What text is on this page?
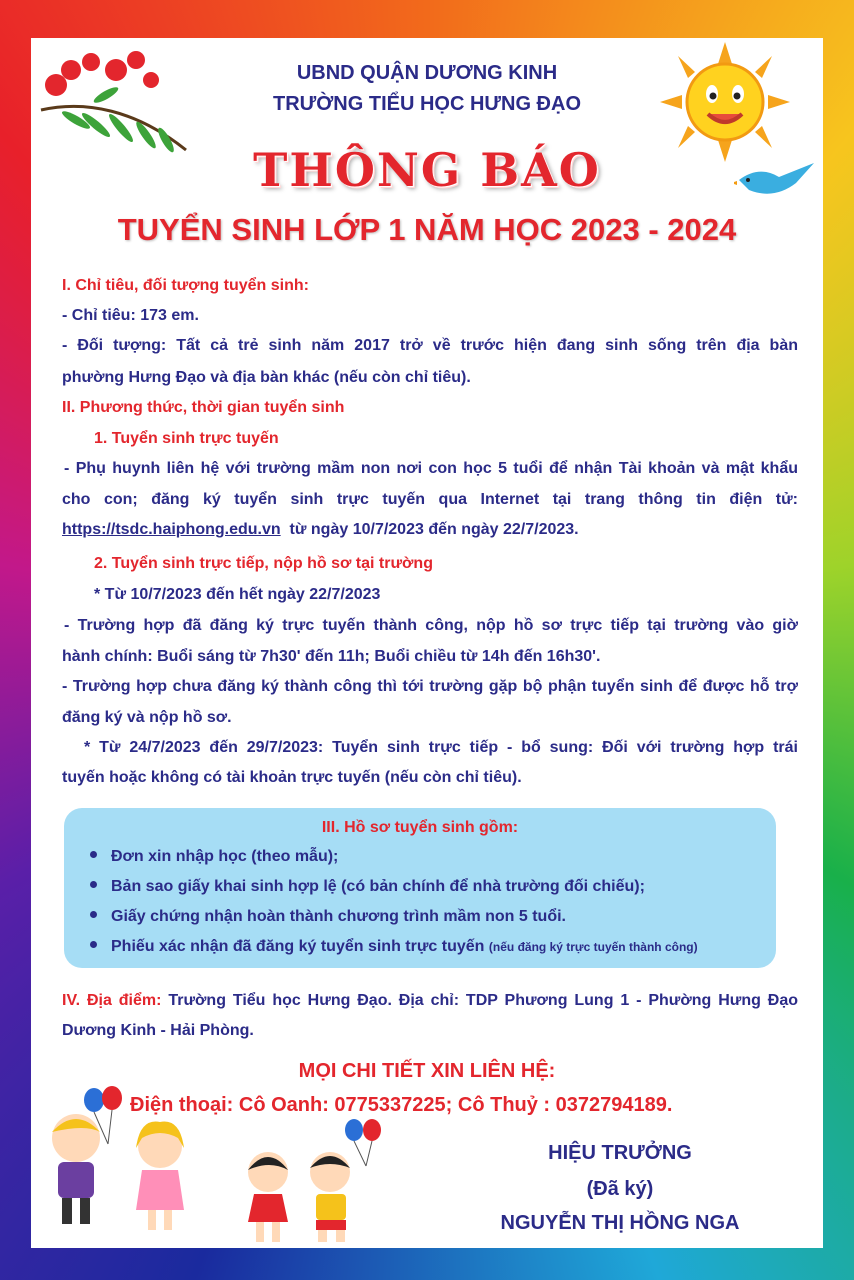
UBND QUẬN DƯƠNG KINH
TRƯỜNG TIỂU HỌC HƯNG ĐẠO
THÔNG BÁO
TUYỂN SINH LỚP 1 NĂM HỌC 2023 - 2024
I. Chỉ tiêu, đối tượng tuyển sinh:
- Chỉ tiêu: 173 em.
- Đối tượng: Tất cả trẻ sinh năm 2017 trở về trước hiện đang sinh sống trên địa bàn
phường Hưng Đạo và địa bàn khác (nếu còn chỉ tiêu).
II. Phương thức, thời gian tuyển sinh
1. Tuyển sinh trực tuyến
- Phụ huynh liên hệ với trường mầm non nơi con học 5 tuổi để nhận Tài khoản và mật khẩu
cho con; đăng ký tuyển sinh trực tuyến qua Internet tại trang thông tin điện tử:
https://tsdc.haiphong.edu.vn từ ngày 10/7/2023 đến ngày 22/7/2023.
2. Tuyển sinh trực tiếp, nộp hồ sơ tại trường
* Từ 10/7/2023 đến hết ngày 22/7/2023
- Trường hợp đã đăng ký trực tuyến thành công, nộp hồ sơ trực tiếp tại trường vào giờ
hành chính: Buổi sáng từ 7h30' đến 11h; Buổi chiều từ 14h đến 16h30'.
- Trường hợp chưa đăng ký thành công thì tới trường gặp bộ phận tuyển sinh để được hỗ trợ
đăng ký và nộp hồ sơ.
* Từ 24/7/2023 đến 29/7/2023: Tuyển sinh trực tiếp - bổ sung: Đối với trường hợp trái
tuyến hoặc không có tài khoản trực tuyến (nếu còn chỉ tiêu).
III. Hồ sơ tuyển sinh gồm:
Đơn xin nhập học (theo mẫu);
Bản sao giấy khai sinh hợp lệ (có bản chính để nhà trường đối chiếu);
Giấy chứng nhận hoàn thành chương trình mầm non 5 tuổi.
Phiếu xác nhận đã đăng ký tuyển sinh trực tuyến (nếu đăng ký trực tuyến thành công)
IV. Địa điểm: Trường Tiểu học Hưng Đạo. Địa chỉ: TDP Phương Lung 1 - Phường Hưng Đạo
Dương Kinh - Hải Phòng.
MỌI CHI TIẾT XIN LIÊN HỆ:
Điện thoại: Cô Oanh: 0775337225; Cô Thuỷ : 0372794189.
HIỆU TRƯỞNG
(Đã ký)
NGUYỄN THỊ HỒNG NGA
